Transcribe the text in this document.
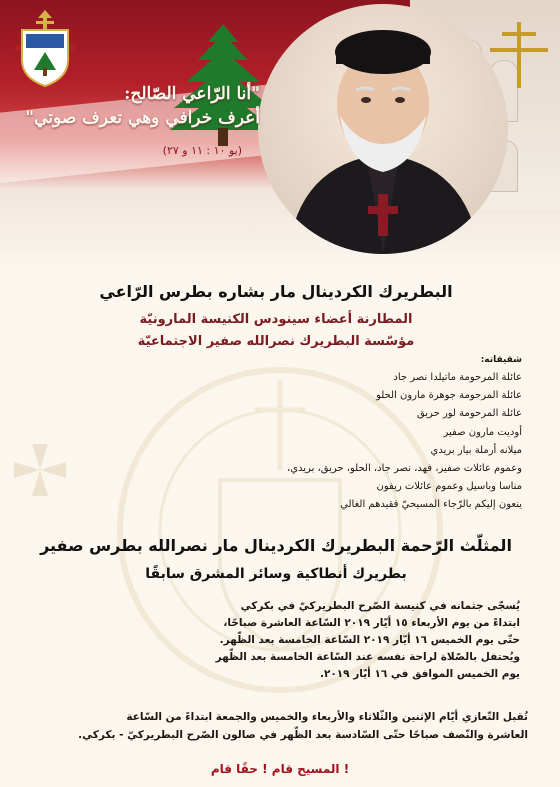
"أنا الرّاعي الصّالح:
أعرف خرافي وهي تعرف صوتي"
(يو ١٠ : ١١ و ٢٧)
البطريرك الكردينال مار بشاره بطرس الرّاعي
المطارنة أعضاء سينودس الكنيسة المارونيّة
مؤسّسة البطريرك نصرالله صفير الاجتماعيّة
شقيقاته:
عائلة المرحومة ماتيلدا نصر جاد
عائلة المرحومة جوهرة مارون الحلو
عائلة المرحومة لور حريق
أوديت مارون صفير
ميلانه أرملة بيار بريدي
وعموم عائلات صفير، فهد، نصر جاد، الحلو، حريق، بريدي،
مناسا وباسيل وعموم عائلات ريفون
ينعون إليكم بالرّجاء المسيحيّ فقيدهم الغالي
المثلّث الرّحمة البطريرك الكردينال مار نصرالله بطرس صفير
بطريرك أنطاكية وسائر المشرق سابقًا
يُسجّى جثمانه في كنيسة الصّرح البطريركيّ في بكركي
ابتداءً من يوم الأربعاء ١٥ أيّار ٢٠١٩ السّاعة العاشرة صباحًا،
حتّى يوم الخميس ١٦ أيّار ٢٠١٩ السّاعة الخامسة بعد الظّهر.
ويُحتفل بالصّلاة لراحة نفسه عند السّاعة الخامسة بعد الظّهر
يوم الخميس الموافق في ١٦ أيّار ٢٠١٩.
تُقبل التّعازي أيّام الإثنين والثّلاثاء والأربعاء والخميس والجمعة ابتداءً من السّاعة
العاشرة والنّصف صباحًا حتّى السّادسة بعد الظّهر في صالون الصّرح البطريركيّ - بكركي.
المسيح قام ! حقًا قام !
